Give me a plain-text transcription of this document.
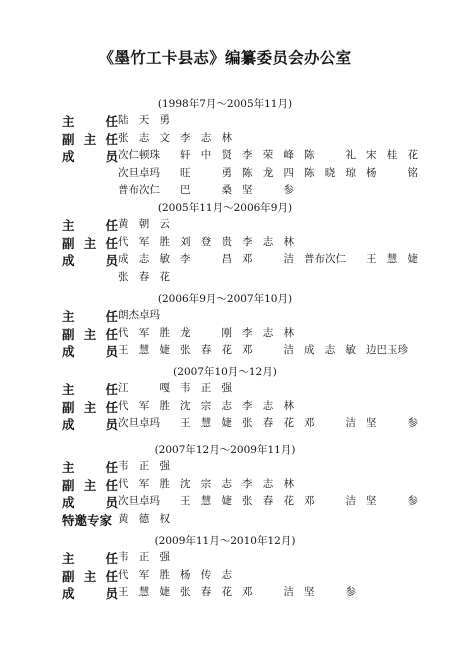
《墨竹工卡县志》编纂委员会办公室
(1998年7月～2005年11月)
主 任 陆 天 勇
副 主 任 张 志 文 李 志 林
成 员 次仁顿珠	轩 中 贤 李 荣 峰 陈	礼 宋 桂 花
次旦卓玛	旺	勇 陈 龙 四 陈 晓 琼 杨	铭
普布次仁	巴	桑 坚	参
(2005年11月～2006年9月)
主 任 黄 朝 云
副 主 任 代 军 胜 刘 登 贵 李 志 林
成 员 成 志 敏 李	昌 邓	洁 普布次仁	王 慧 婕
张 春 花
(2006年9月～2007年10月)
主 任 朗杰卓玛
副 主 任 代 军 胜 龙	刚 李 志 林
成 员 王 慧 婕 张 春 花 邓	洁 成 志 敏 边巴玉珍
(2007年10月～12月)
主 任 江	嘎 韦 正 强
副 主 任 代 军 胜 沈 宗 志 李 志 林
成 员 次旦卓玛	王 慧 婕 张 春 花 邓	洁 坚	参
(2007年12月～2009年11月)
主 任 韦 正 强
副 主 任 代 军 胜 沈 宗 志 李 志 林
成 员 次旦卓玛	王 慧 婕 张 春 花 邓	洁 坚	参
特邀专家 黄 德 权
(2009年11月～2010年12月)
主 任 韦 正 强
副 主 任 代 军 胜 杨 传 志
成 员 王 慧 婕 张 春 花 邓	洁 坚	参
